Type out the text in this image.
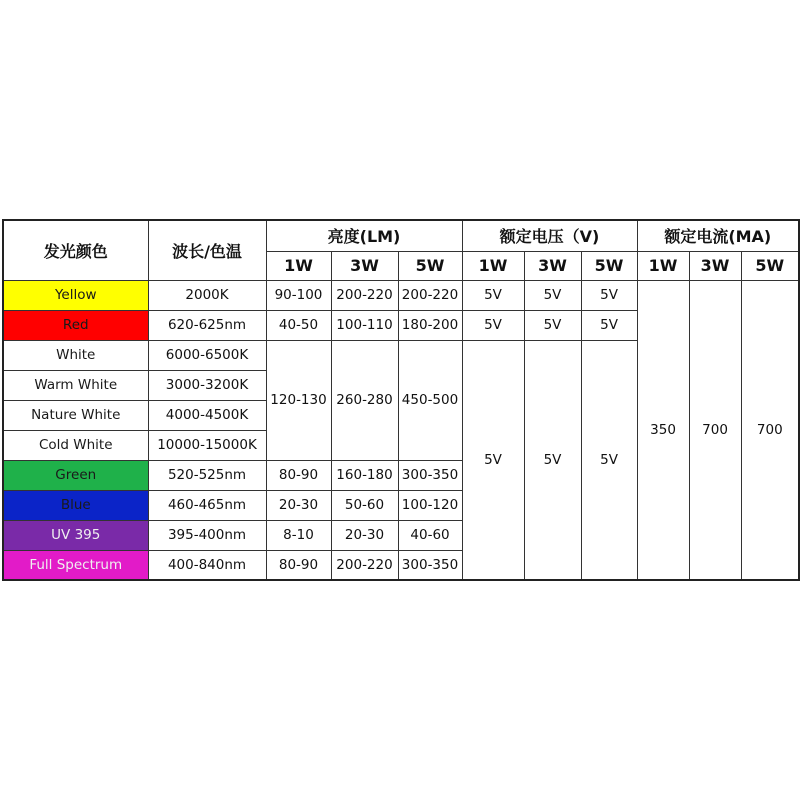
发光颜色	波长/色温	亮度(LM)			额定电压（V)			额定电流(MA)		
		1W	3W	5W	1W	3W	5W	1W	3W	5W
Yellow	2000K	90-100	200-220	200-220	5V	5V	5V	350	700	700
Red	620-625nm	40-50	100-110	180-200	5V	5V	5V			
White	6000-6500K	120-130	260-280	450-500	5V	5V	5V			
Warm White	3000-3200K									
Nature White	4000-4500K									
Cold White	10000-15000K									
Green	520-525nm	80-90	160-180	300-350						
Blue	460-465nm	20-30	50-60	100-120						
UV 395	395-400nm	8-10	20-30	40-60						
Full Spectrum	400-840nm	80-90	200-220	300-350						
